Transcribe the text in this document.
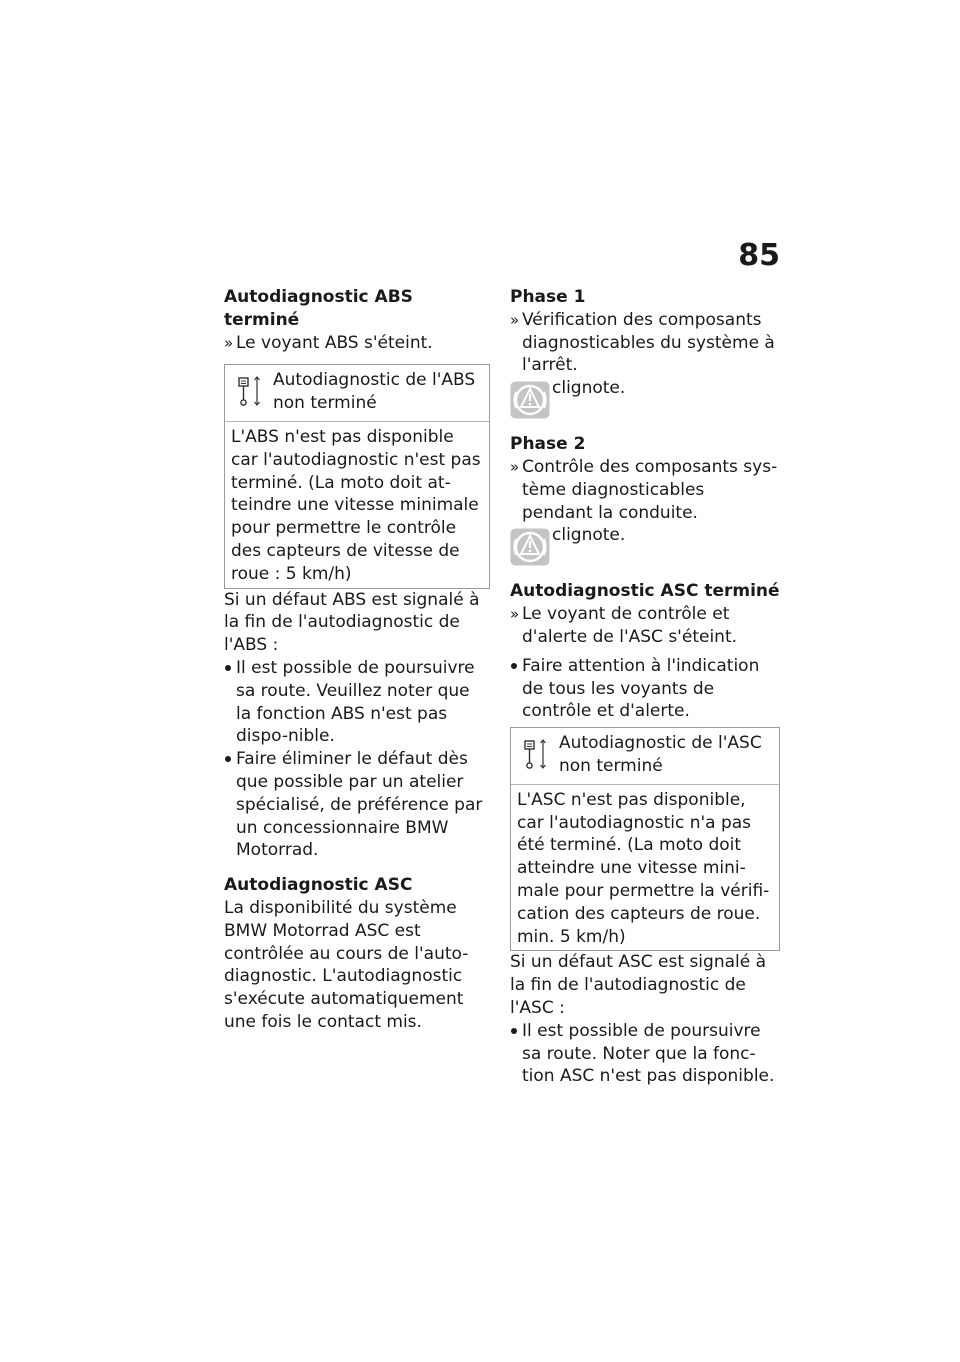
85

Autodiagnostic ABS terminé

» Le voyant ABS s'éteint.

Autodiagnostic de l'ABS non terminé
L'ABS n'est pas disponible car l'autodiagnostic n'est pas terminé. (La moto doit at-teindre une vitesse minimale pour permettre le contrôle des capteurs de vitesse de roue : 5 km/h)

Si un défaut ABS est signalé à la fin de l'autodiagnostic de l'ABS :

Il est possible de poursuivre sa route. Veuillez noter que la fonction ABS n'est pas dispo-nible.

Faire éliminer le défaut dès que possible par un atelier spécialisé, de préférence par un concessionnaire BMW Motorrad.

Autodiagnostic ASC

La disponibilité du système BMW Motorrad ASC est contrôlée au cours de l'auto-diagnostic. L'autodiagnostic s'exécute automatiquement une fois le contact mis.

Phase 1

» Vérification des composants diagnosticables du système à l'arrêt.

clignote.

Phase 2

» Contrôle des composants sys-tème diagnosticables pendant la conduite.

clignote.

Autodiagnostic ASC terminé

» Le voyant de contrôle et d'alerte de l'ASC s'éteint.

Faire attention à l'indication de tous les voyants de contrôle et d'alerte.

Autodiagnostic de l'ASC non terminé
L'ASC n'est pas disponible, car l'autodiagnostic n'a pas été terminé. (La moto doit atteindre une vitesse mini-male pour permettre la vérifi-cation des capteurs de roue. min. 5 km/h)

Si un défaut ASC est signalé à la fin de l'autodiagnostic de l'ASC :

Il est possible de poursuivre sa route. Noter que la fonc-tion ASC n'est pas disponible.
